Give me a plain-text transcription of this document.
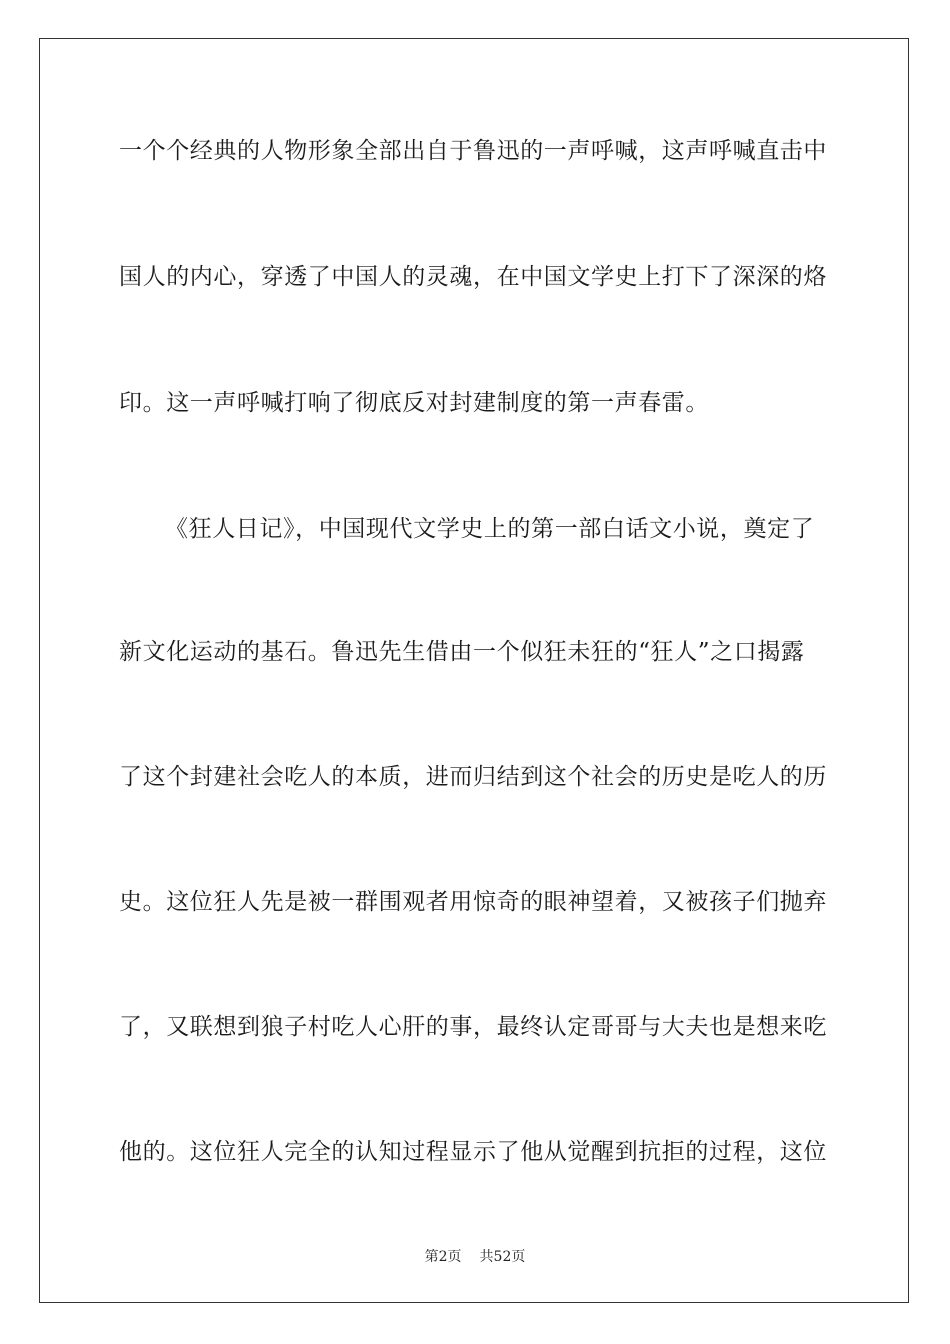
一个个经典的人物形象全部出自于鲁迅的一声呼喊，这声呼喊直击中
国人的内心，穿透了中国人的灵魂，在中国文学史上打下了深深的烙
印。这一声呼喊打响了彻底反对封建制度的第一声春雷。
《狂人日记》，中国现代文学史上的第一部白话文小说，奠定了
新文化运动的基石。鲁迅先生借由一个似狂未狂的“狂人”之口揭露
了这个封建社会吃人的本质，进而归结到这个社会的历史是吃人的历
史。这位狂人先是被一群围观者用惊奇的眼神望着，又被孩子们抛弃
了，又联想到狼子村吃人心肝的事，最终认定哥哥与大夫也是想来吃
他的。这位狂人完全的认知过程显示了他从觉醒到抗拒的过程，这位
第2页 共52页
